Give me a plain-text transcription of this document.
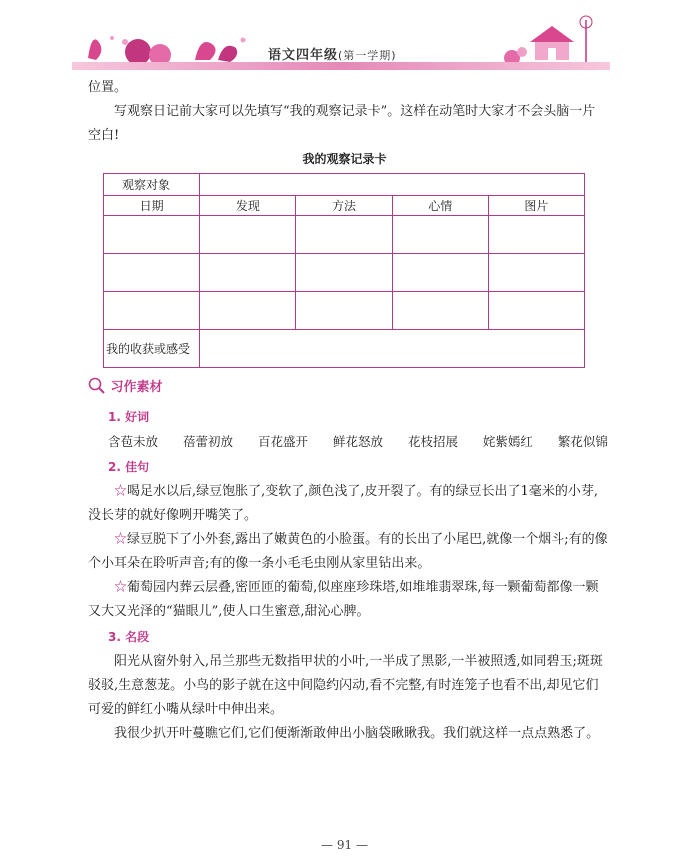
语文四年级(第一学期)
位置。
写观察日记前大家可以先填写“我的观察记录卡”。这样在动笔时大家才不会头脑一片空白!
我的观察记录卡
观察对象				
日期	发现	方法	心情	图片

我的收获或感受				
习作素材
1. 好词
含苞未放 蓓蕾初放 百花盛开 鲜花怒放 花枝招展 姹紫嫣红 繁花似锦
2. 佳句
☆喝足水以后,绿豆饱胀了,变软了,颜色浅了,皮开裂了。有的绿豆长出了1毫米的小芽,没长芽的就好像咧开嘴笑了。
☆绿豆脱下了小外套,露出了嫩黄色的小脸蛋。有的长出了小尾巴,就像一个烟斗;有的像个小耳朵在聆听声音;有的像一条小毛毛虫刚从家里钻出来。
☆葡萄园内葬云层叠,密匝匝的葡萄,似座座珍珠塔,如堆堆翡翠珠,每一颗葡萄都像一颗又大又光泽的“猫眼儿”,使人口生蜜意,甜沁心脾。
3. 名段
阳光从窗外射入,吊兰那些无数指甲状的小叶,一半成了黑影,一半被照透,如同碧玉;斑斑驳驳,生意葱茏。小鸟的影子就在这中间隐约闪动,看不完整,有时连笼子也看不出,却见它们可爱的鲜红小嘴从绿叶中伸出来。
我很少扒开叶蔓瞧它们,它们便渐渐敢伸出小脑袋瞅瞅我。我们就这样一点点熟悉了。
— 91 —
